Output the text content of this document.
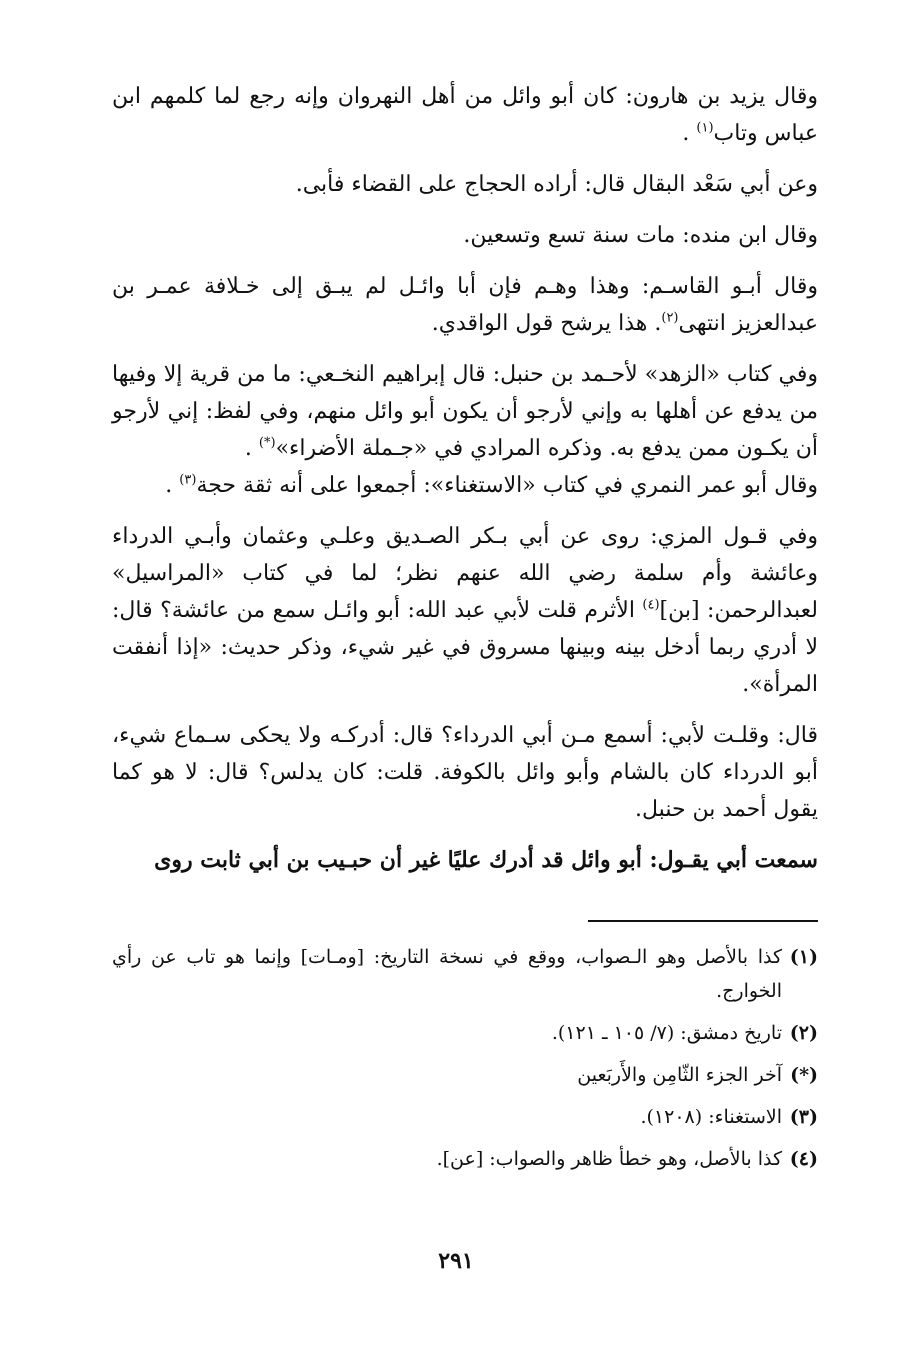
وقال يزيد بن هارون: كان أبو وائل من أهل النهروان وإنه رجع لما كلمهم ابن عباس وتاب$^{(١)}$ .

وعن أبي سَعْد البقال قال: أراده الحجاج على القضاء فأبى.

وقال ابن منده: مات سنة تسع وتسعين.

وقال أبـو القاسـم: وهذا وهـم فإن أبا وائـل لم يبـق إلى خـلافة عمـر بن عبدالعزيز انتهى$^{(٢)}$. هذا يرشح قول الواقدي.

وفي كتاب «الزهد» لأحـمد بن حنبل: قال إبراهيم النخـعي: ما من قرية إلا وفيها من يدفع عن أهلها به وإني لأرجو أن يكون أبو وائل منهم، وفي لفظ: إني لأرجو أن يكـون ممن يدفع به. وذكره المرادي في «جـملة الأضراء»(*) .

وقال أبو عمر النمري في كتاب «الاستغناء»: أجمعوا على أنه ثقة حجة$^{(٣)}$ .

وفي قـول المزي: روى عن أبي بـكر الصـديق وعلـي وعثمان وأبـي الدرداء وعائشة وأم سلمة رضي الله عنهم نظر؛ لما في كتاب «المراسيل» لعبدالرحمن: [بن]$^{(٤)}$ الأثرم قلت لأبي عبد الله: أبو وائـل سمع من عائشة؟ قال: لا أدري ربما أدخل بينه وبينها مسروق في غير شيء، وذكر حديث: «إذا أنفقت المرأة».

قال: وقلـت لأبي: أسمع مـن أبي الدرداء؟ قال: أدركـه ولا يحكى سـماع شيء، أبو الدرداء كان بالشام وأبو وائل بالكوفة. قلت: كان يدلس؟ قال: لا هو كما يقول أحمد بن حنبل.

سمعت أبي يقـول: أبو وائل قد أدرك عليًا غير أن حبـيب بن أبي ثابت روى

(١)كذا بالأصل وهو الـصواب، ووقع في نسخة التاريخ: [ومـات] وإنما هو تاب عن رأي الخوارج.

(٢)تاريخ دمشق: (٧/ ١٠٥ ـ ١٢١).

(*)آخر الجزء الثّامِن والأَربَعين

(٣)الاستغناء: (١٢٠٨).

(٤)كذا بالأصل، وهو خطأ ظاهر والصواب: [عن].

٢٩١
